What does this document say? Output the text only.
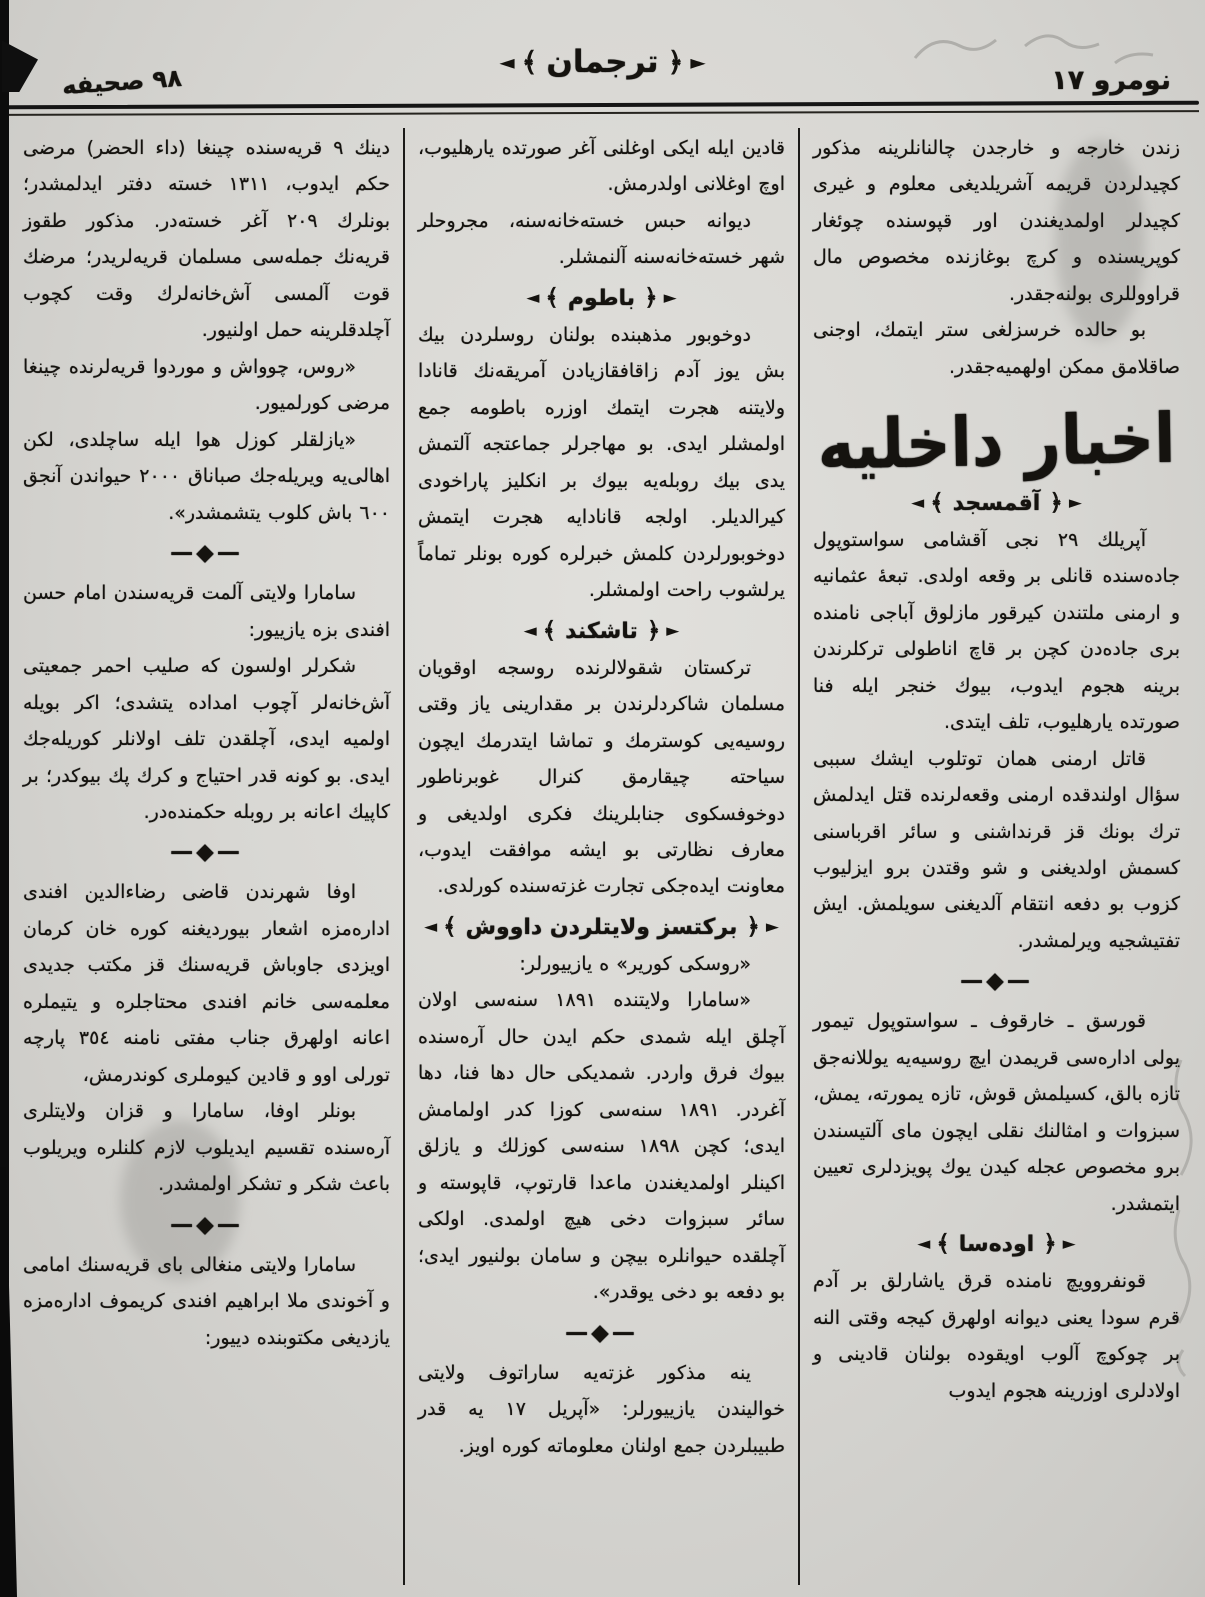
نومرو ١٧
◄ ﴾ ترجمان ﴿ ►
٩٨ صحيفه

زندن خارجه و خارجدن چالنانلرينه مذكور كچيدلردن قريمه آشريلديغى معلوم و غيرى كچيدلر اولمديغندن اور قپوسنده چوئغار كوپريسنده و كرچ بوغازنده مخصوص مال قراووللرى بولنه‌جقدر.

بو حالده خرسزلغى ستر ايتمك، اوجنى صاقلامق ممكن اولهميه‌جقدر.

اخبار داخليه
◄ ﴾ آقمسجد ﴿ ►

آپريلك ٢٩ نجى آقشامى سواستوپول جاده‌سنده قانلى بر وقعه اولدى. تبعهٔ عثمانيه و ارمنى ملتندن كيرقور مازلوق آباجى نامنده برى جاده‌دن كچن بر قاچ اناطولى تركلرندن برينه هجوم ايدوب، بيوك خنجر ايله فنا صورتده يارهليوب، تلف ايتدى.

قاتل ارمنى همان توتلوب ايشك سببى سؤال اولندقده ارمنى وقعه‌لرنده قتل ايدلمش ترك بونك قز قرنداشنى و سائر اقرباسنى كسمش اولديغنى و شو وقتدن برو ايزليوب كزوب بو دفعه انتقام آلديغنى سويلمش. ايش تفتيشجيه ويرلمشدر.

—◆—

قورسق ـ خارقوف ـ سواستوپول تيمور يولى اداره‌سى قريمدن ايچ روسيه‌يه يوللانه‌جق تازه بالق، كسيلمش قوش، تازه يمورته، يمش، سبزوات و امثالنك نقلى ايچون ماى آلتيسندن برو مخصوص عجله كيدن يوك پويزدلرى تعيين ايتمشدر.

◄ ﴾ اوده‌سا ﴿ ►

قونفروويچ نامنده قرق ياشارلق بر آدم قرم سودا يعنى ديوانه اولهرق كيجه وقتى النه بر چوكوچ آلوب اويقوده بولنان قادينى و اولادلرى اوزرينه هجوم ايدوب

قادين ايله ايكى اوغلنى آغر صورتده يارهليوب، اوچ اوغلانى اولدرمش.

ديوانه حبس خسته‌خانه‌سنه، مجروحلر شهر خسته‌خانه‌سنه آلنمشلر.

◄ ﴾ باطوم ﴿ ►

دوخوبور مذهبنده بولنان روسلردن بيك بش يوز آدم زاقافقازيادن آمريقه‌نك قانادا ولايتنه هجرت ايتمك اوزره باطومه جمع اولمشلر ايدى. بو مهاجرلر جماعتجه آلتمش يدى بيك روبله‌يه بيوك بر انكليز پاراخودى كيرالديلر. اولجه قانادايه هجرت ايتمش دوخوبورلردن كلمش خبرلره كوره بونلر تماماً يرلشوب راحت اولمشلر.

◄ ﴾ تاشكند ﴿ ►

تركستان شقولالرنده روسجه اوقويان مسلمان شاكردلرندن بر مقدارينى ياز وقتى روسيه‌يى كوسترمك و تماشا ايتدرمك ايچون سياحته چيقارمق كنرال غوبرناطور دوخوفسكوى جنابلرينك فكرى اولديغى و معارف نظارتى بو ايشه موافقت ايدوب، معاونت ايده‌جكى تجارت غزته‌سنده كورلدى.

◄ ﴾ بركتسز ولايتلردن داووش ﴿ ►

«روسكى كورير» ه يازييورلر:

«سامارا ولايتنده ١٨٩١ سنه‌سى اولان آچلق ايله شمدى حكم ايدن حال آره‌سنده بيوك فرق واردر. شمديكى حال دها فنا، دها آغردر. ١٨٩١ سنه‌سى كوزا كدر اولمامش ايدى؛ كچن ١٨٩٨ سنه‌سى كوزلك و يازلق اكينلر اولمديغندن ماعدا قارتوپ، قاپوسته و سائر سبزوات دخى هيچ اولمدى. اولكى آچلقده حيوانلره بيچن و سامان بولنيور ايدى؛ بو دفعه بو دخى يوقدر».

—◆—

ينه مذكور غزته‌يه ساراتوف ولايتى خواليندن يازييورلر: «آپريل ١٧ يه قدر طبيبلردن جمع اولنان معلوماته كوره اويز.

دينك ٩ قريه‌سنده چينغا (داء الحضر) مرضى حكم ايدوب، ١٣١١ خسته دفتر ايدلمشدر؛ بونلرك ٢٠٩ آغر خسته‌در. مذكور طقوز قريه‌نك جمله‌سى مسلمان قريه‌لريدر؛ مرضك قوت آلمسى آش‌خانه‌لرك وقت كچوب آچلدقلرينه حمل اولنيور.

«روس، چوواش و موردوا قريه‌لرنده چينغا مرضى كورلميور.

«يازلقلر كوزل هوا ايله ساچلدى، لكن اهالى‌يه ويريله‌جك صباناق ٢٠٠٠ حيواندن آنجق ٦٠٠ باش كلوب يتشمشدر».

—◆—

سامارا ولايتى آلمت قريه‌سندن امام حسن افندى بزه يازييور:

شكرلر اولسون كه صليب احمر جمعيتى آش‌خانه‌لر آچوب امداده يتشدى؛ اكر بويله اولميه ايدى، آچلقدن تلف اولانلر كوريله‌جك ايدى. بو كونه قدر احتياج و كرك پك بيوكدر؛ بر كاپيك اعانه بر روبله حكمنده‌در.

—◆—

اوفا شهرندن قاضى رضاءالدين افندى اداره‌مزه اشعار بيورديغنه كوره خان كرمان اويزدى جاوباش قريه‌سنك قز مكتب جديدى معلمه‌سى خانم افندى محتاجلره و يتيملره اعانه اولهرق جناب مفتى نامنه ٣٥٤ پارچه تورلى اوو و قادين كيوملرى كوندرمش،

بونلر اوفا، سامارا و قزان ولايتلرى آره‌سنده تقسيم ايديلوب لازم كلنلره ويريلوب باعث شكر و تشكر اولمشدر.

—◆—

سامارا ولايتى منغالى باى قريه‌سنك امامى و آخوندى ملا ابراهيم افندى كريموف اداره‌مزه يازديغى مكتوبنده دييور:
